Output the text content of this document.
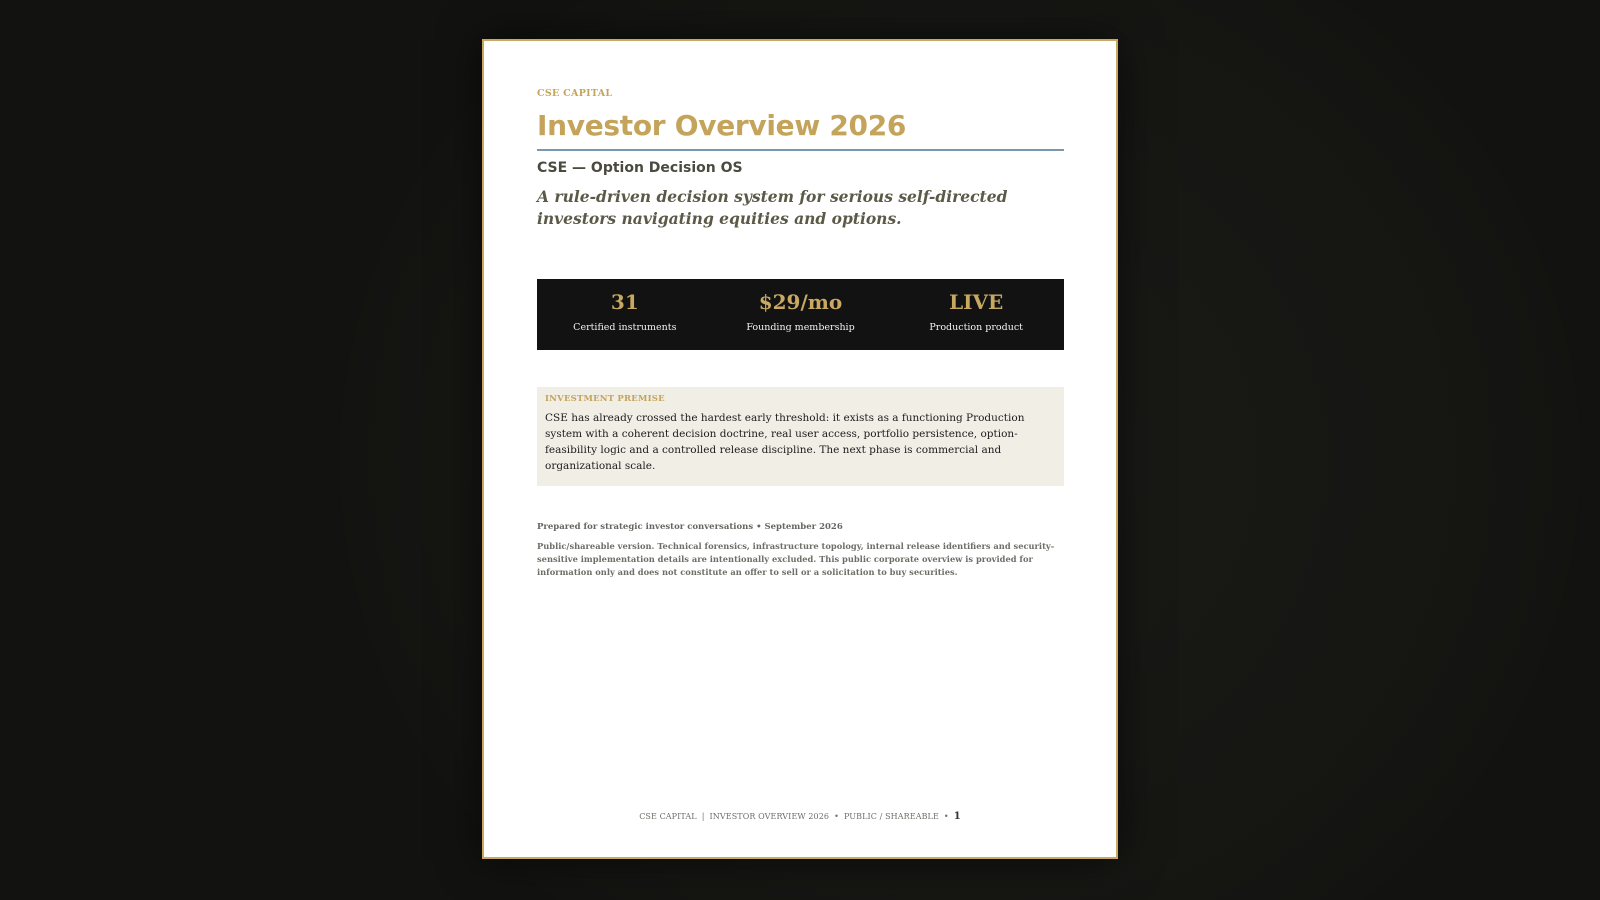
CSE CAPITAL
Investor Overview 2026
CSE — Option Decision OS
A rule-driven decision system for serious self-directed investors navigating equities and options.
31
Certified instruments
$29/mo
Founding membership
LIVE
Production product
INVESTMENT PREMISE
CSE has already crossed the hardest early threshold: it exists as a functioning Production system with a coherent decision doctrine, real user access, portfolio persistence, option-feasibility logic and a controlled release discipline. The next phase is commercial and organizational scale.
Prepared for strategic investor conversations • September 2026
Public/shareable version. Technical forensics, infrastructure topology, internal release identifiers and security-sensitive implementation details are intentionally excluded. This public corporate overview is provided for information only and does not constitute an offer to sell or a solicitation to buy securities.
CSE CAPITAL | INVESTOR OVERVIEW 2026 • PUBLIC / SHAREABLE • 1
